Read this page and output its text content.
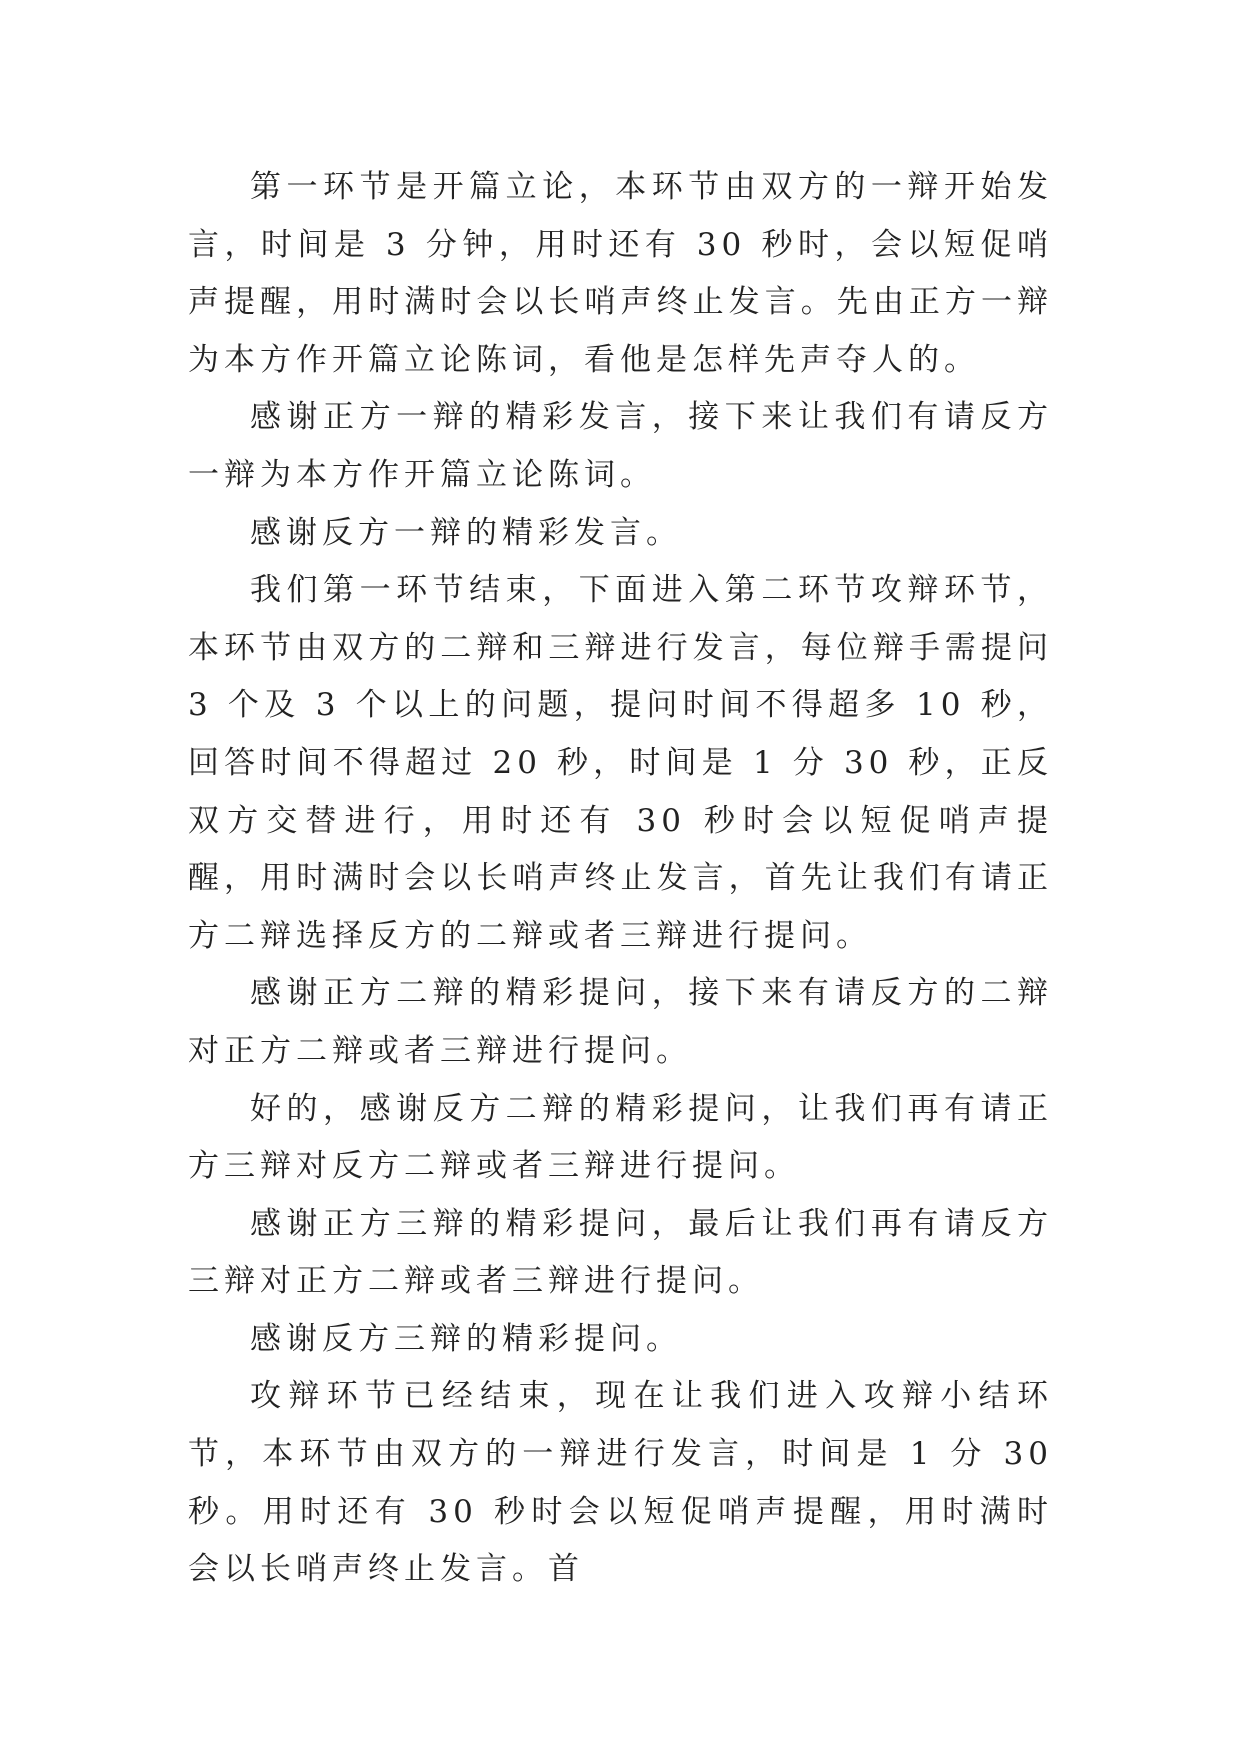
第一环节是开篇立论，本环节由双方的一辩开始发言，时间是 3 分钟，用时还有 30 秒时，会以短促哨声提醒，用时满时会以长哨声终止发言。先由正方一辩为本方作开篇立论陈词，看他是怎样先声夺人的。

感谢正方一辩的精彩发言，接下来让我们有请反方一辩为本方作开篇立论陈词。

感谢反方一辩的精彩发言。

我们第一环节结束，下面进入第二环节攻辩环节，本环节由双方的二辩和三辩进行发言，每位辩手需提问 3 个及 3 个以上的问题，提问时间不得超多 10 秒，回答时间不得超过 20 秒，时间是 1 分 30 秒，正反双方交替进行，用时还有 30 秒时会以短促哨声提醒，用时满时会以长哨声终止发言，首先让我们有请正方二辩选择反方的二辩或者三辩进行提问。

感谢正方二辩的精彩提问，接下来有请反方的二辩对正方二辩或者三辩进行提问。

好的，感谢反方二辩的精彩提问，让我们再有请正方三辩对反方二辩或者三辩进行提问。

感谢正方三辩的精彩提问，最后让我们再有请反方三辩对正方二辩或者三辩进行提问。

感谢反方三辩的精彩提问。

攻辩环节已经结束，现在让我们进入攻辩小结环节，本环节由双方的一辩进行发言，时间是 1 分 30 秒。用时还有 30 秒时会以短促哨声提醒，用时满时会以长哨声终止发言。首
